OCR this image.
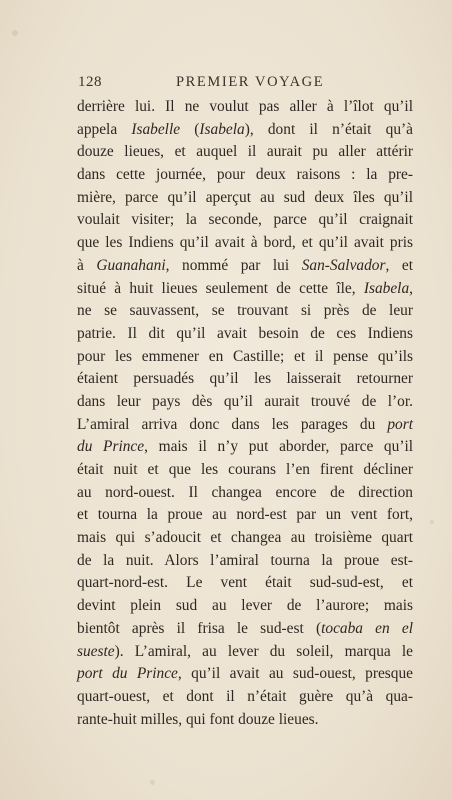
128	PREMIER VOYAGE
derrière lui. Il ne voulut pas aller à l’îlot qu’il
appela Isabelle (Isabela), dont il n’était qu’à
douze lieues, et auquel il aurait pu aller attérir
dans cette journée, pour deux raisons : la pre-
mière, parce qu’il aperçut au sud deux îles qu’il
voulait visiter; la seconde, parce qu’il craignait
que les Indiens qu’il avait à bord, et qu’il avait pris
à Guanahani, nommé par lui San-Salvador, et
situé à huit lieues seulement de cette île, Isabela,
ne se sauvassent, se trouvant si près de leur
patrie. Il dit qu’il avait besoin de ces Indiens
pour les emmener en Castille; et il pense qu’ils
étaient persuadés qu’il les laisserait retourner
dans leur pays dès qu’il aurait trouvé de l’or.
L’amiral arriva donc dans les parages du port
du Prince, mais il n’y put aborder, parce qu’il
était nuit et que les courans l’en firent décliner
au nord-ouest. Il changea encore de direction
et tourna la proue au nord-est par un vent fort,
mais qui s’adoucit et changea au troisième quart
de la nuit. Alors l’amiral tourna la proue est-
quart-nord-est. Le vent était sud-sud-est, et
devint plein sud au lever de l’aurore; mais
bientôt après il frisa le sud-est (tocaba en el
sueste). L’amiral, au lever du soleil, marqua le
port du Prince, qu’il avait au sud-ouest, presque
quart-ouest, et dont il n’était guère qu’à qua-
rante-huit milles, qui font douze lieues.
